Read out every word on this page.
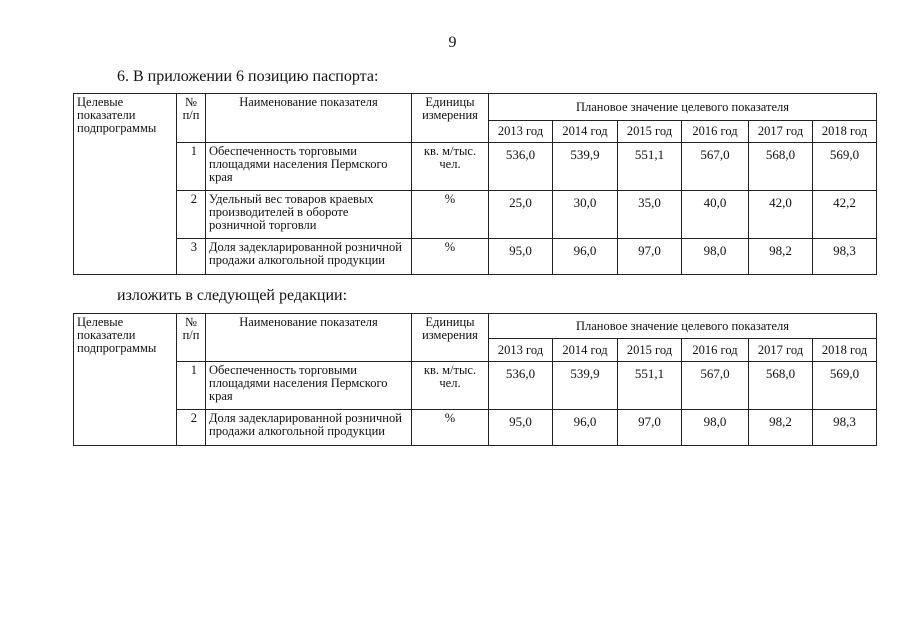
9
6. В приложении 6 позицию паспорта:
Целевые показатели подпрограммы	№ п/п	Наименование показателя	Единицы измерения	Плановое значение целевого показателя					
				2013 год	2014 год	2015 год	2016 год	2017 год	2018 год
	1	Обеспеченность торговыми площадями населения Пермского края	кв. м/тыс. чел.	536,0	539,9	551,1	567,0	568,0	569,0
	2	Удельный вес товаров краевых производителей в обороте розничной торговли	%	25,0	30,0	35,0	40,0	42,0	42,2
	3	Доля задекларированной розничной продажи алкогольной продукции	%	95,0	96,0	97,0	98,0	98,2	98,3
изложить в следующей редакции:
Целевые показатели подпрограммы	№ п/п	Наименование показателя	Единицы измерения	Плановое значение целевого показателя					
				2013 год	2014 год	2015 год	2016 год	2017 год	2018 год
	1	Обеспеченность торговыми площадями населения Пермского края	кв. м/тыс. чел.	536,0	539,9	551,1	567,0	568,0	569,0
	2	Доля задекларированной розничной продажи алкогольной продукции	%	95,0	96,0	97,0	98,0	98,2	98,3
